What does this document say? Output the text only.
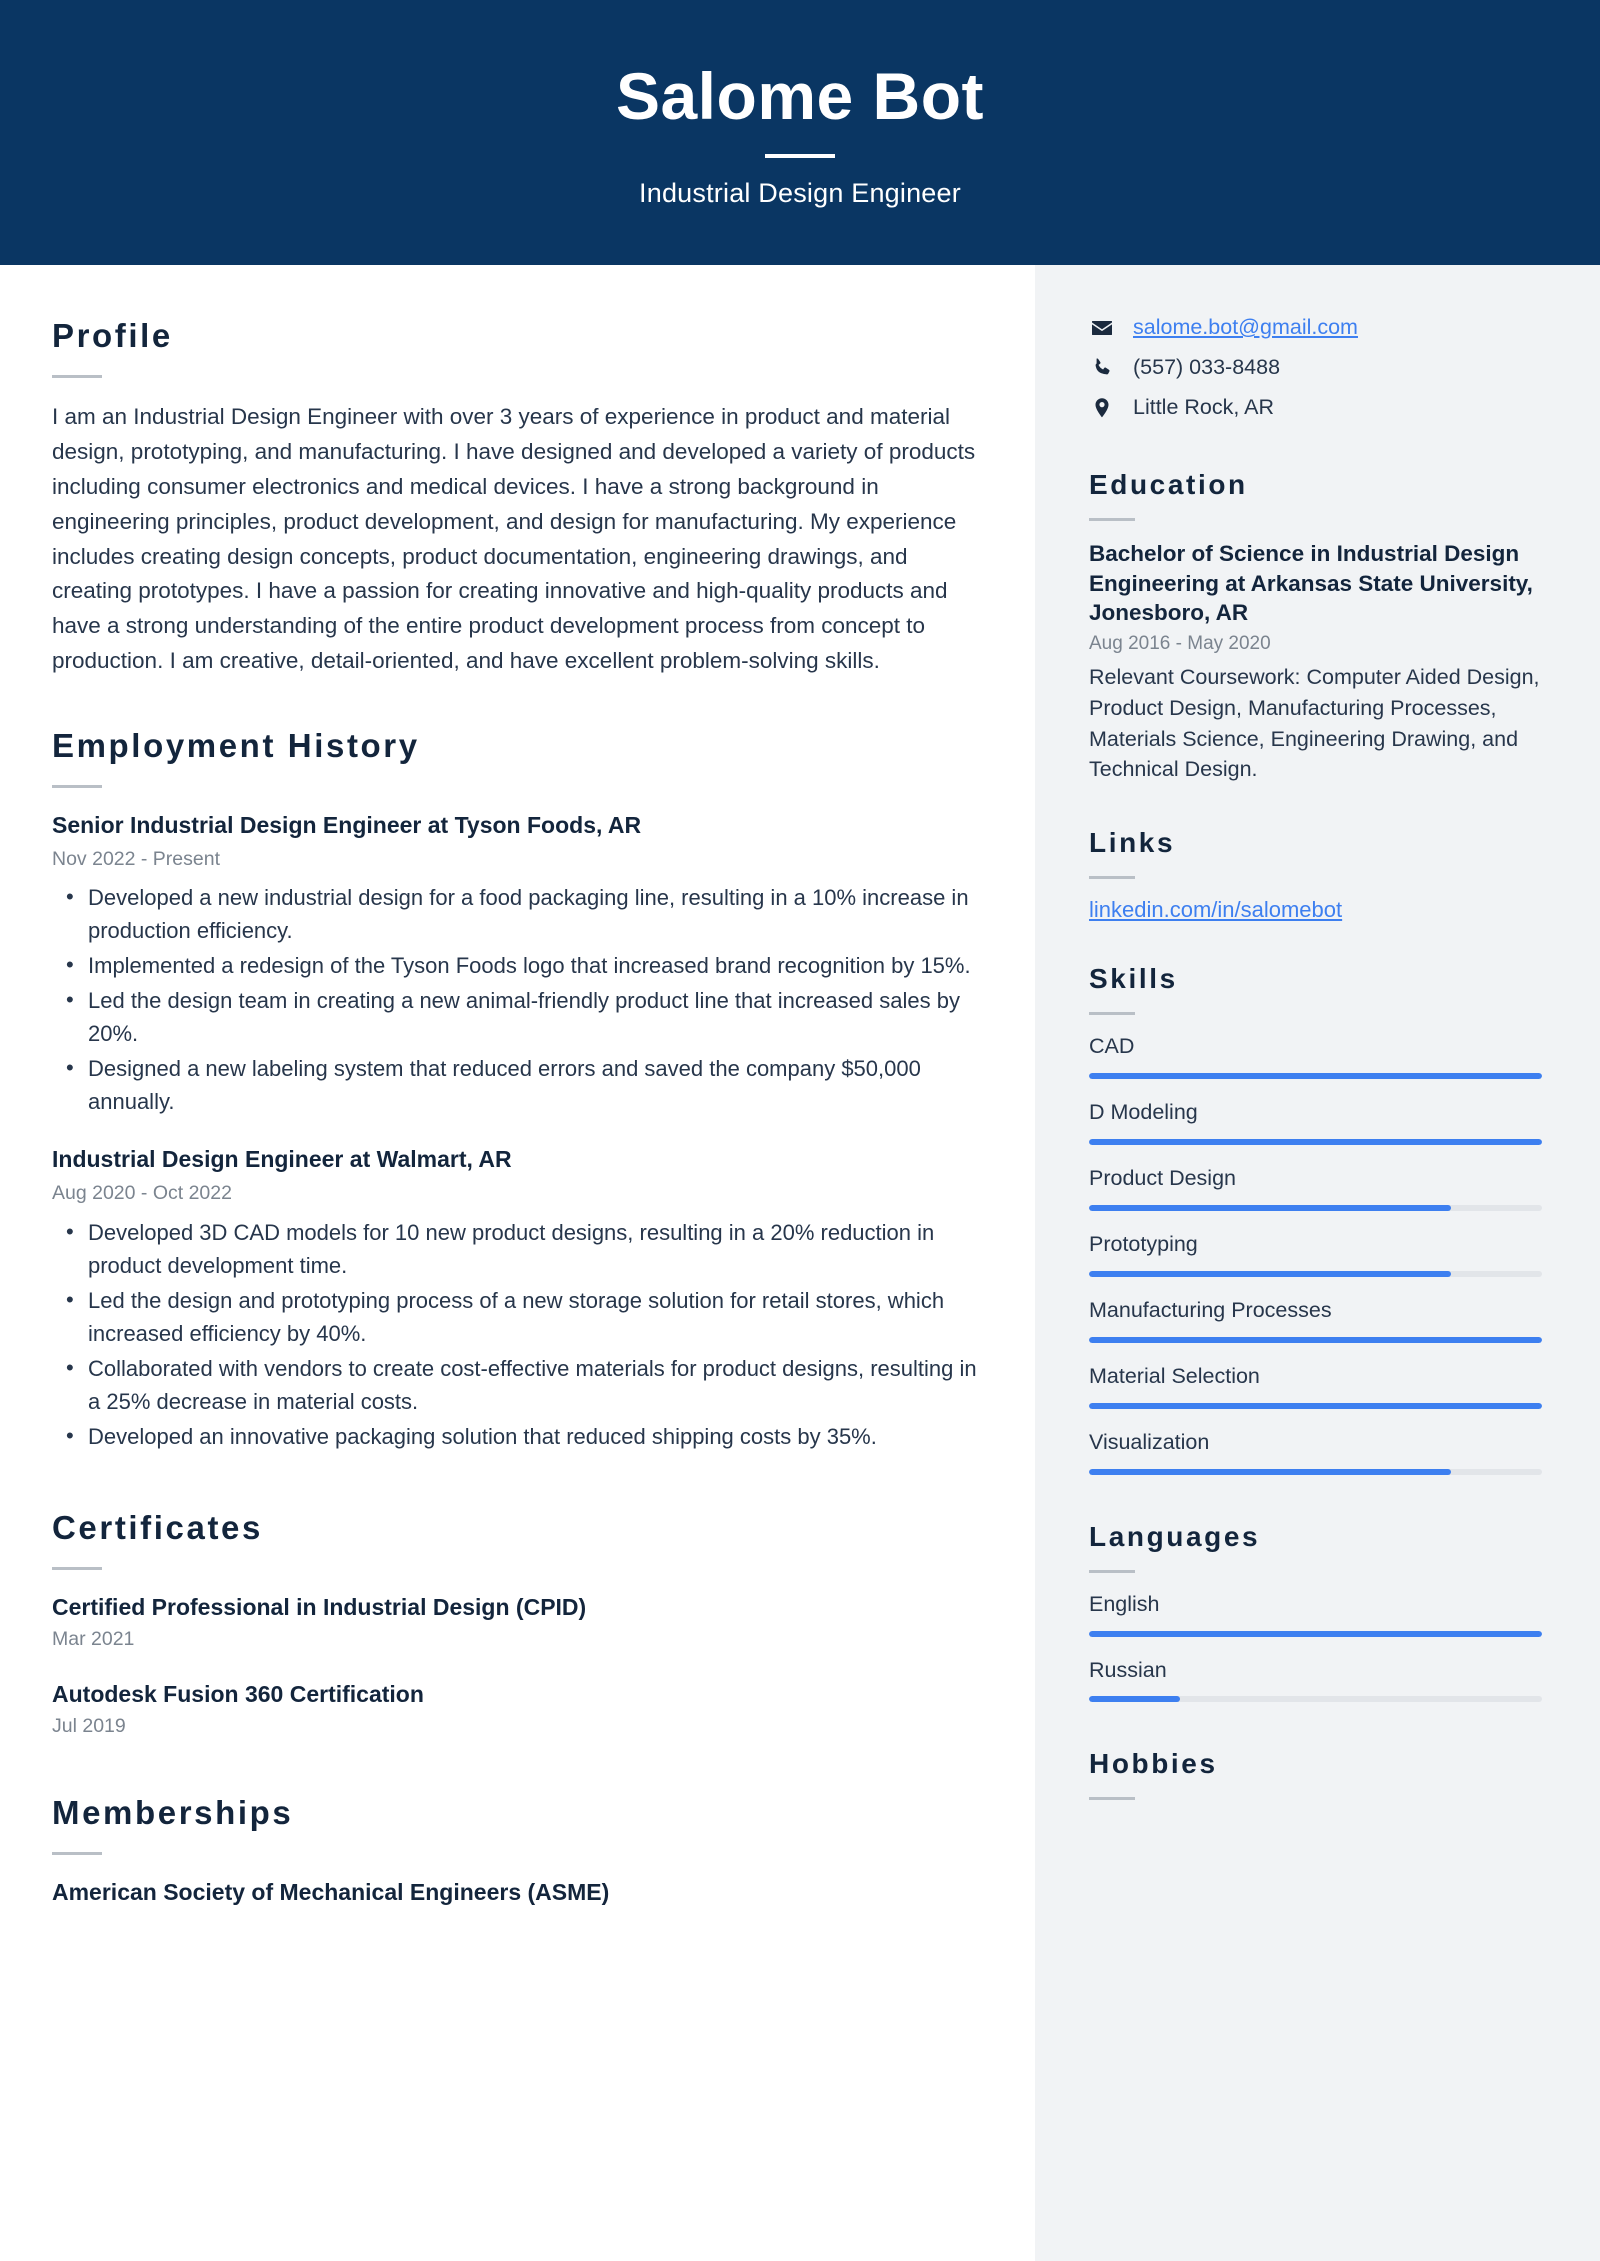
Salome Bot
Industrial Design Engineer
Profile

I am an Industrial Design Engineer with over 3 years of experience in product and material design, prototyping, and manufacturing. I have designed and developed a variety of products including consumer electronics and medical devices. I have a strong background in engineering principles, product development, and design for manufacturing. My experience includes creating design concepts, product documentation, engineering drawings, and creating prototypes. I have a passion for creating innovative and high-quality products and have a strong understanding of the entire product development process from concept to production. I am creative, detail-oriented, and have excellent problem-solving skills.

Employment History
Senior Industrial Design Engineer at Tyson Foods, AR
Nov 2022 - Present
• Developed a new industrial design for a food packaging line, resulting in a 10% increase in production efficiency.
• Implemented a redesign of the Tyson Foods logo that increased brand recognition by 15%.
• Led the design team in creating a new animal-friendly product line that increased sales by 20%.
• Designed a new labeling system that reduced errors and saved the company $50,000 annually.
Industrial Design Engineer at Walmart, AR
Aug 2020 - Oct 2022
• Developed 3D CAD models for 10 new product designs, resulting in a 20% reduction in product development time.
• Led the design and prototyping process of a new storage solution for retail stores, which increased efficiency by 40%.
• Collaborated with vendors to create cost-effective materials for product designs, resulting in a 25% decrease in material costs.
• Developed an innovative packaging solution that reduced shipping costs by 35%.
Certificates
Certified Professional in Industrial Design (CPID)
Mar 2021
Autodesk Fusion 360 Certification
Jul 2019
Memberships
American Society of Mechanical Engineers (ASME)
salome.bot@gmail.com
(557) 033-8488
Little Rock, AR
Education
Bachelor of Science in Industrial Design Engineering at Arkansas State University, Jonesboro, AR
Aug 2016 - May 2020
Relevant Coursework: Computer Aided Design, Product Design, Manufacturing Processes, Materials Science, Engineering Drawing, and Technical Design.
Links
linkedin.com/in/salomebot
Skills
CAD
D Modeling
Product Design
Prototyping
Manufacturing Processes
Material Selection
Visualization
Languages
English
Russian
Hobbies
